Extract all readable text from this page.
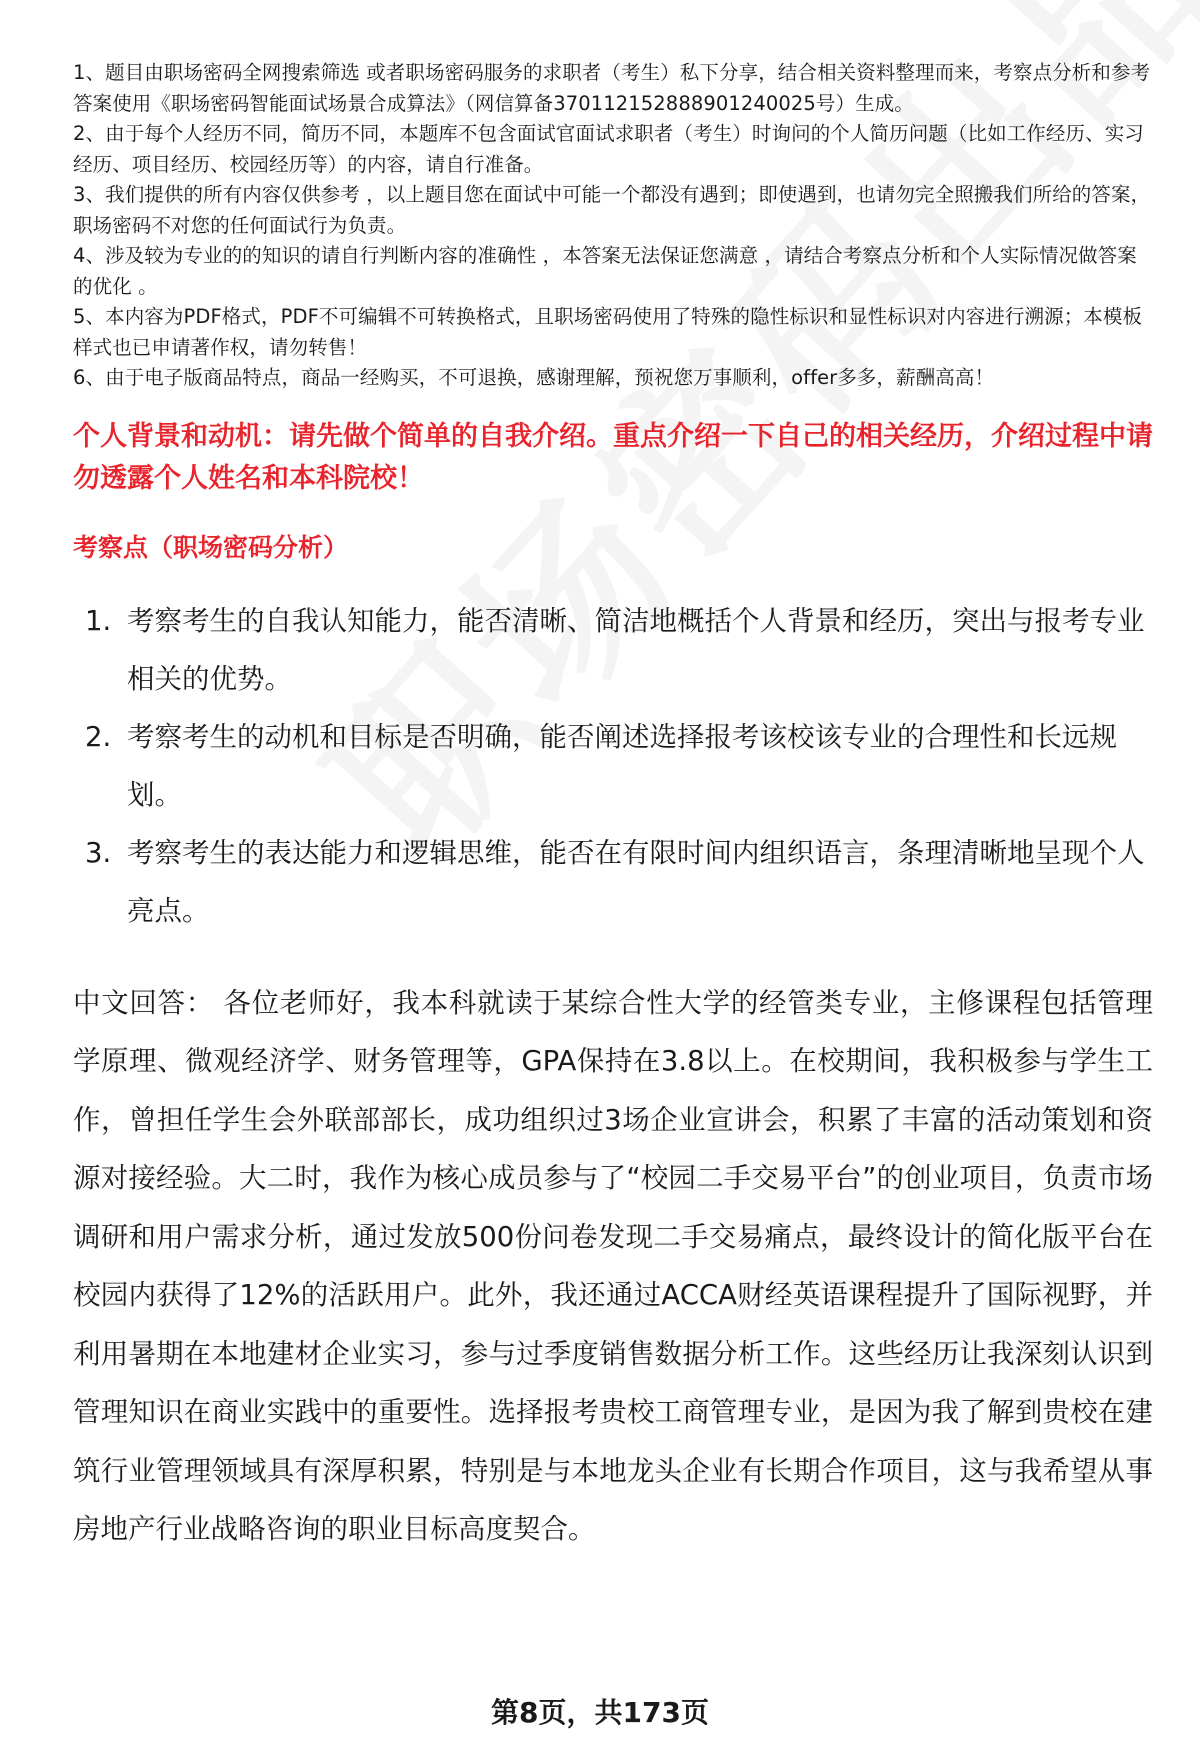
1、题目由职场密码全网搜索筛选 或者职场密码服务的求职者（考生）私下分享，结合相关资料整理而来，考察点分析和参考答案使用《职场密码智能面试场景合成算法》（网信算备370112152888901240025号）生成。

2、由于每个人经历不同，简历不同，本题库不包含面试官面试求职者（考生）时询问的个人简历问题（比如工作经历、实习经历、项目经历、校园经历等）的内容，请自行准备。

3、我们提供的所有内容仅供参考 ，以上题目您在面试中可能一个都没有遇到；即使遇到，也请勿完全照搬我们所给的答案，职场密码不对您的任何面试行为负责。

4、涉及较为专业的的知识的请自行判断内容的准确性 ，本答案无法保证您满意 ，请结合考察点分析和个人实际情况做答案的优化 。

5、本内容为PDF格式，PDF不可编辑不可转换格式，且职场密码使用了特殊的隐性标识和显性标识对内容进行溯源；本模板样式也已申请著作权，请勿转售！

6、由于电子版商品特点，商品一经购买，不可退换，感谢理解，预祝您万事顺利，offer多多，薪酬高高！

个人背景和动机：请先做个简单的自我介绍。重点介绍一下自己的相关经历，介绍过程中请勿透露个人姓名和本科院校！
考察点（职场密码分析）
1. 考察考生的自我认知能力，能否清晰、简洁地概括个人背景和经历，突出与报考专业相关的优势。
2. 考察考生的动机和目标是否明确，能否阐述选择报考该校该专业的合理性和长远规划。
3. 考察考生的表达能力和逻辑思维，能否在有限时间内组织语言，条理清晰地呈现个人亮点。

中文回答： 各位老师好，我本科就读于某综合性大学的经管类专业，主修课程包括管理学原理、微观经济学、财务管理等，GPA保持在3.8以上。在校期间，我积极参与学生工作，曾担任学生会外联部部长，成功组织过3场企业宣讲会，积累了丰富的活动策划和资源对接经验。大二时，我作为核心成员参与了“校园二手交易平台”的创业项目，负责市场调研和用户需求分析，通过发放500份问卷发现二手交易痛点，最终设计的简化版平台在校园内获得了12%的活跃用户。此外，我还通过ACCA财经英语课程提升了国际视野，并利用暑期在本地建材企业实习，参与过季度销售数据分析工作。这些经历让我深刻认识到管理知识在商业实践中的重要性。选择报考贵校工商管理专业，是因为我了解到贵校在建筑行业管理领域具有深厚积累，特别是与本地龙头企业有长期合作项目，这与我希望从事房地产行业战略咨询的职业目标高度契合。

第8页，共173页
